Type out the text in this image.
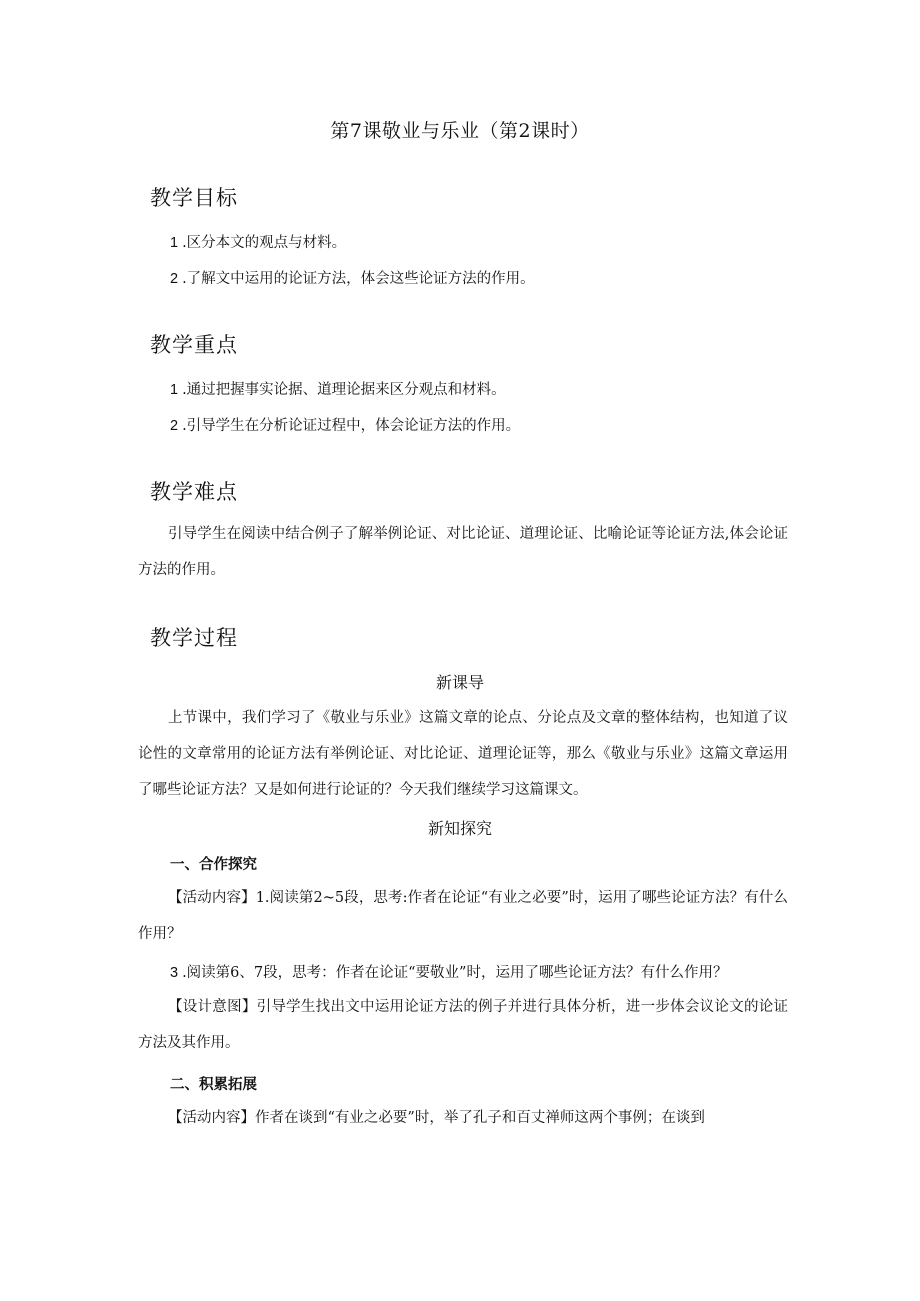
第7课敬业与乐业（第2课时）
教学目标
1 .区分本文的观点与材料。
2 .了解文中运用的论证方法，体会这些论证方法的作用。
教学重点
1 .通过把握事实论据、道理论据来区分观点和材料。
2 .引导学生在分析论证过程中，体会论证方法的作用。
教学难点
引导学生在阅读中结合例子了解举例论证、对比论证、道理论证、比喻论证等论证方法,体会论证方法的作用。
教学过程
新课导
上节课中，我们学习了《敬业与乐业》这篇文章的论点、分论点及文章的整体结构，也知道了议论性的文章常用的论证方法有举例论证、对比论证、道理论证等，那么《敬业与乐业》这篇文章运用了哪些论证方法？又是如何进行论证的？今天我们继续学习这篇课文。
新知探究
一、合作探究
【活动内容】1.阅读第2~5段，思考:作者在论证“有业之必要”时，运用了哪些论证方法？有什么作用？
3 .阅读第6、7段，思考：作者在论证“要敬业”时，运用了哪些论证方法？有什么作用？
【设计意图】引导学生找出文中运用论证方法的例子并进行具体分析，进一步体会议论文的论证方法及其作用。
二、积累拓展
【活动内容】作者在谈到“有业之必要”时，举了孔子和百丈禅师这两个事例；在谈到
